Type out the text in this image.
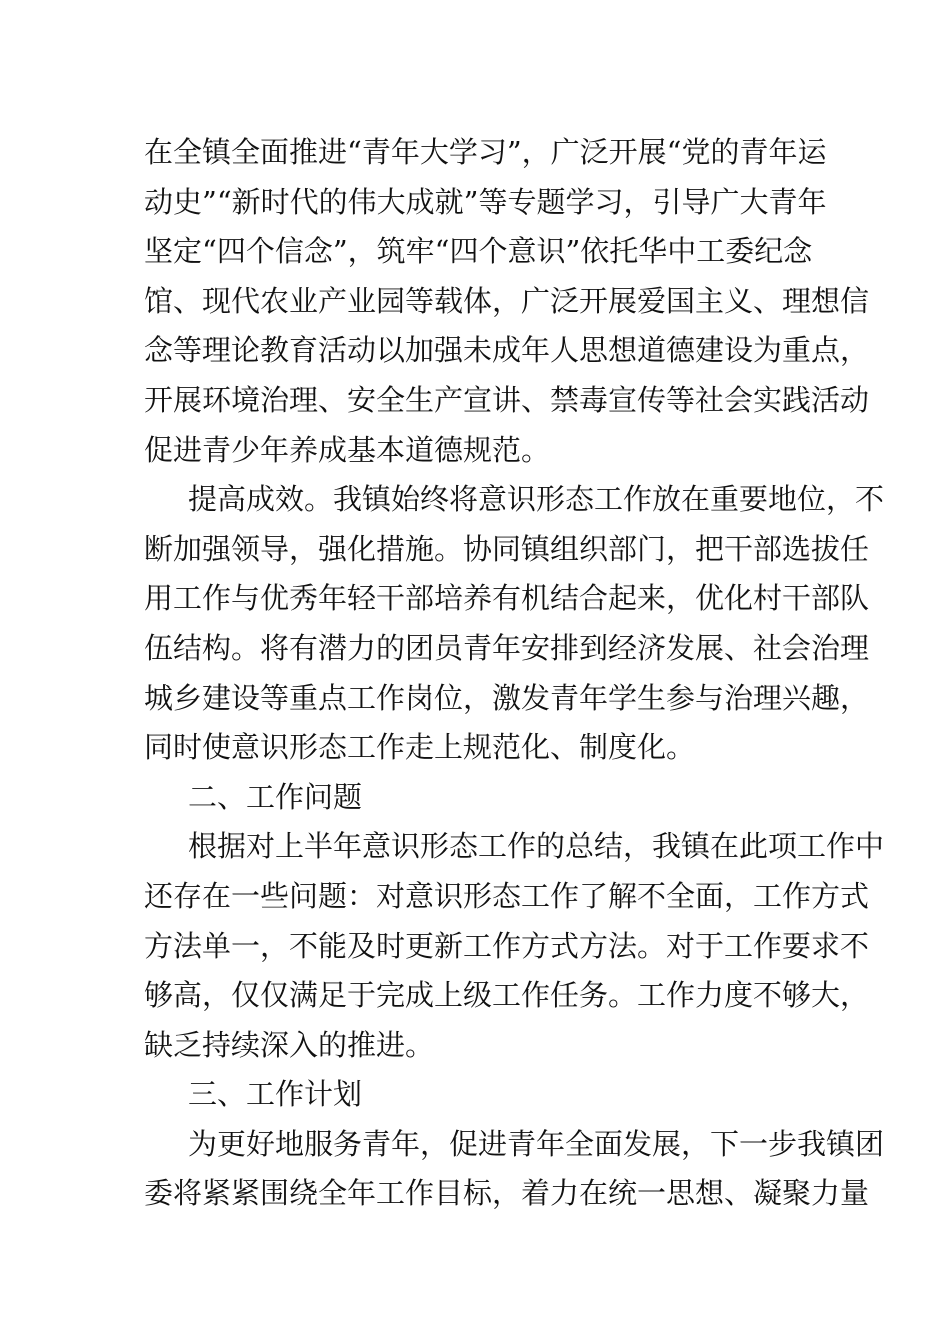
在全镇全面推进“青年大学习”，广泛开展“党的青年运
动史”“新时代的伟大成就”等专题学习，引导广大青年
坚定“四个信念”，筑牢“四个意识”依托华中工委纪念
馆、现代农业产业园等载体，广泛开展爱国主义、理想信
念等理论教育活动以加强未成年人思想道德建设为重点，
开展环境治理、安全生产宣讲、禁毒宣传等社会实践活动
促进青少年养成基本道德规范。
提高成效。我镇始终将意识形态工作放在重要地位，不
断加强领导，强化措施。协同镇组织部门，把干部选拔任
用工作与优秀年轻干部培养有机结合起来，优化村干部队
伍结构。将有潜力的团员青年安排到经济发展、社会治理
城乡建设等重点工作岗位，激发青年学生参与治理兴趣，
同时使意识形态工作走上规范化、制度化。
二、工作问题
根据对上半年意识形态工作的总结，我镇在此项工作中
还存在一些问题：对意识形态工作了解不全面，工作方式
方法单一，不能及时更新工作方式方法。对于工作要求不
够高，仅仅满足于完成上级工作任务。工作力度不够大，
缺乏持续深入的推进。
三、工作计划
为更好地服务青年，促进青年全面发展，下一步我镇团
委将紧紧围绕全年工作目标，着力在统一思想、凝聚力量
